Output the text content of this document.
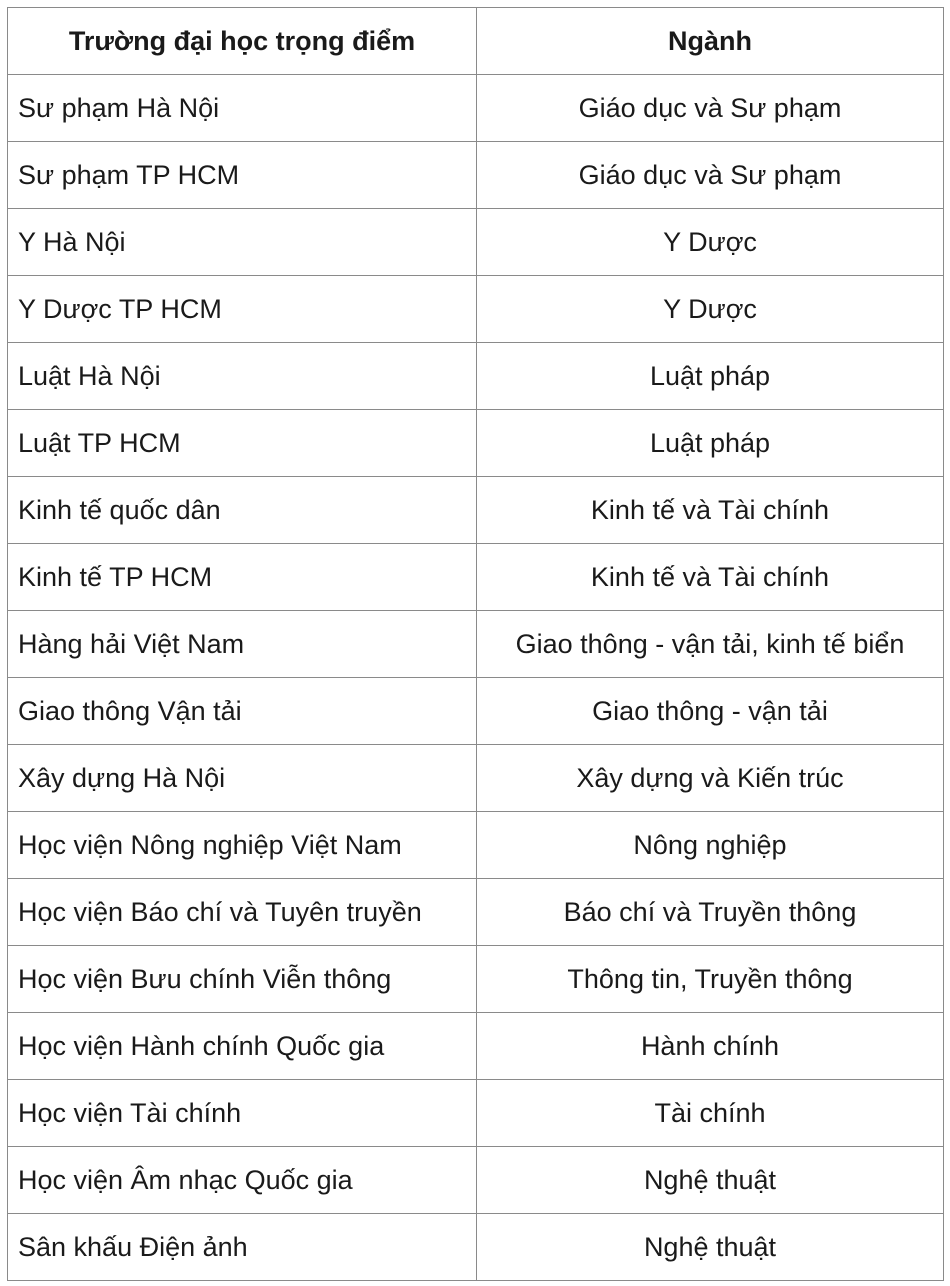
Trường đại học trọng điểm	Ngành
Sư phạm Hà Nội	Giáo dục và Sư phạm
Sư phạm TP HCM	Giáo dục và Sư phạm
Y Hà Nội	Y Dược
Y Dược TP HCM	Y Dược
Luật Hà Nội	Luật pháp
Luật TP HCM	Luật pháp
Kinh tế quốc dân	Kinh tế và Tài chính
Kinh tế TP HCM	Kinh tế và Tài chính
Hàng hải Việt Nam	Giao thông - vận tải, kinh tế biển
Giao thông Vận tải	Giao thông - vận tải
Xây dựng Hà Nội	Xây dựng và Kiến trúc
Học viện Nông nghiệp Việt Nam	Nông nghiệp
Học viện Báo chí và Tuyên truyền	Báo chí và Truyền thông
Học viện Bưu chính Viễn thông	Thông tin, Truyền thông
Học viện Hành chính Quốc gia	Hành chính
Học viện Tài chính	Tài chính
Học viện Âm nhạc Quốc gia	Nghệ thuật
Sân khấu Điện ảnh	Nghệ thuật
